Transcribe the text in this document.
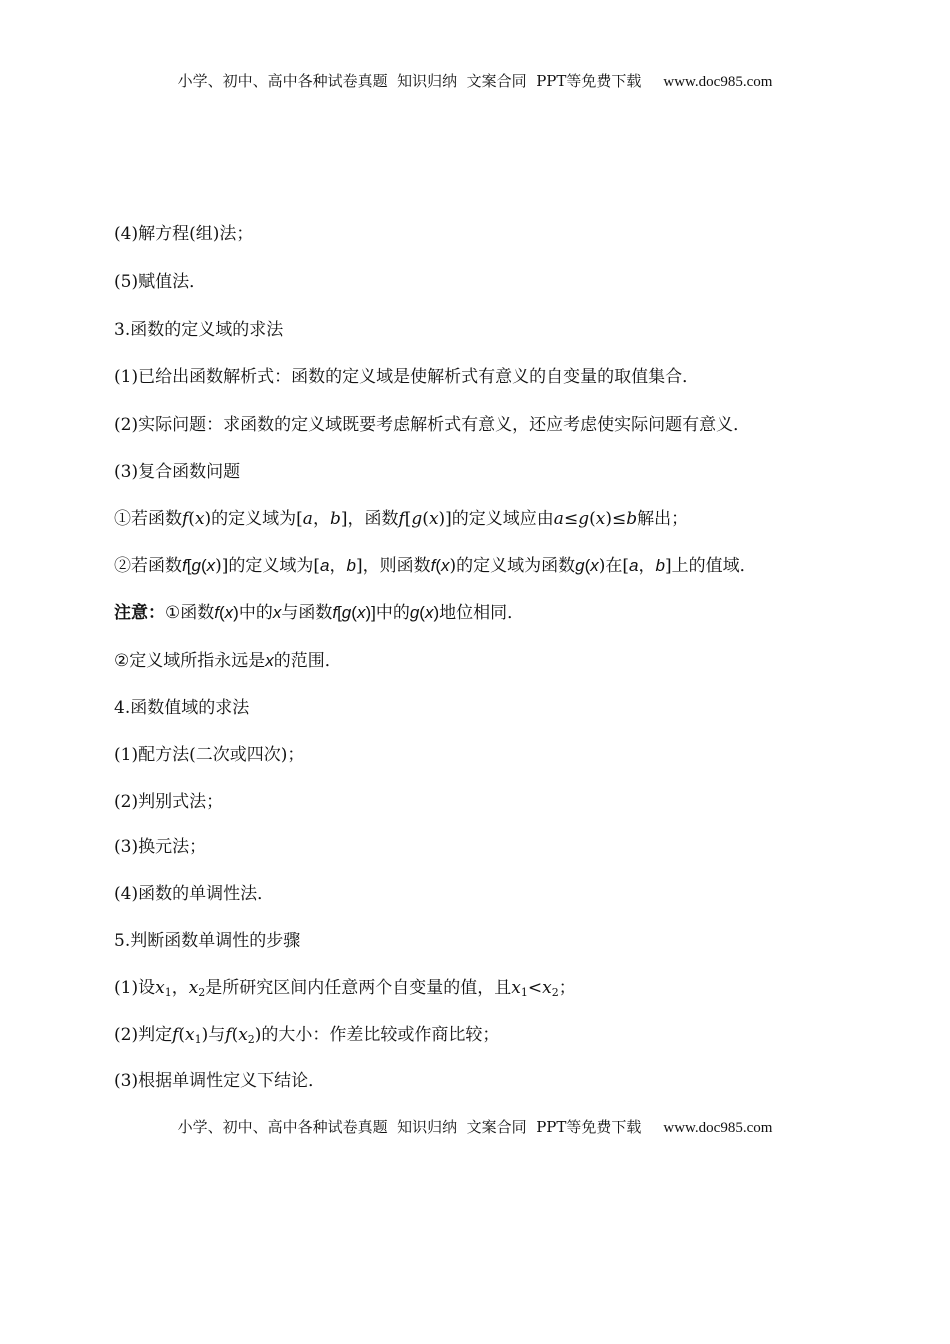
小学、初中、高中各种试卷真题  知识归纳  文案合同  PPT等免费下载 www.doc985.com
(4)解方程(组)法；
(5)赋值法．
3.函数的定义域的求法
(1)已给出函数解析式：函数的定义域是使解析式有意义的自变量的取值集合．
(2)实际问题：求函数的定义域既要考虑解析式有意义，还应考虑使实际问题有意义．
(3)复合函数问题
①若函数f(x)的定义域为[a，b]，函数f[g(x)]的定义域应由a≤g(x)≤b解出；
②若函数f[g(x)]的定义域为[a，b]，则函数f(x)的定义域为函数g(x)在[a，b]上的值域．
注意：①函数f(x)中的x与函数f[g(x)]中的g(x)地位相同．
②定义域所指永远是x的范围．
4.函数值域的求法
(1)配方法(二次或四次)；
(2)判别式法；
(3)换元法；
(4)函数的单调性法．
5.判断函数单调性的步骤
(1)设$x_1$，$x_2$是所研究区间内任意两个自变量的值，且$x_1<x_2$；
(2)判定$f(x_1)$与$f(x_2)$的大小：作差比较或作商比较；
(3)根据单调性定义下结论．
小学、初中、高中各种试卷真题  知识归纳  文案合同  PPT等免费下载 www.doc985.com
